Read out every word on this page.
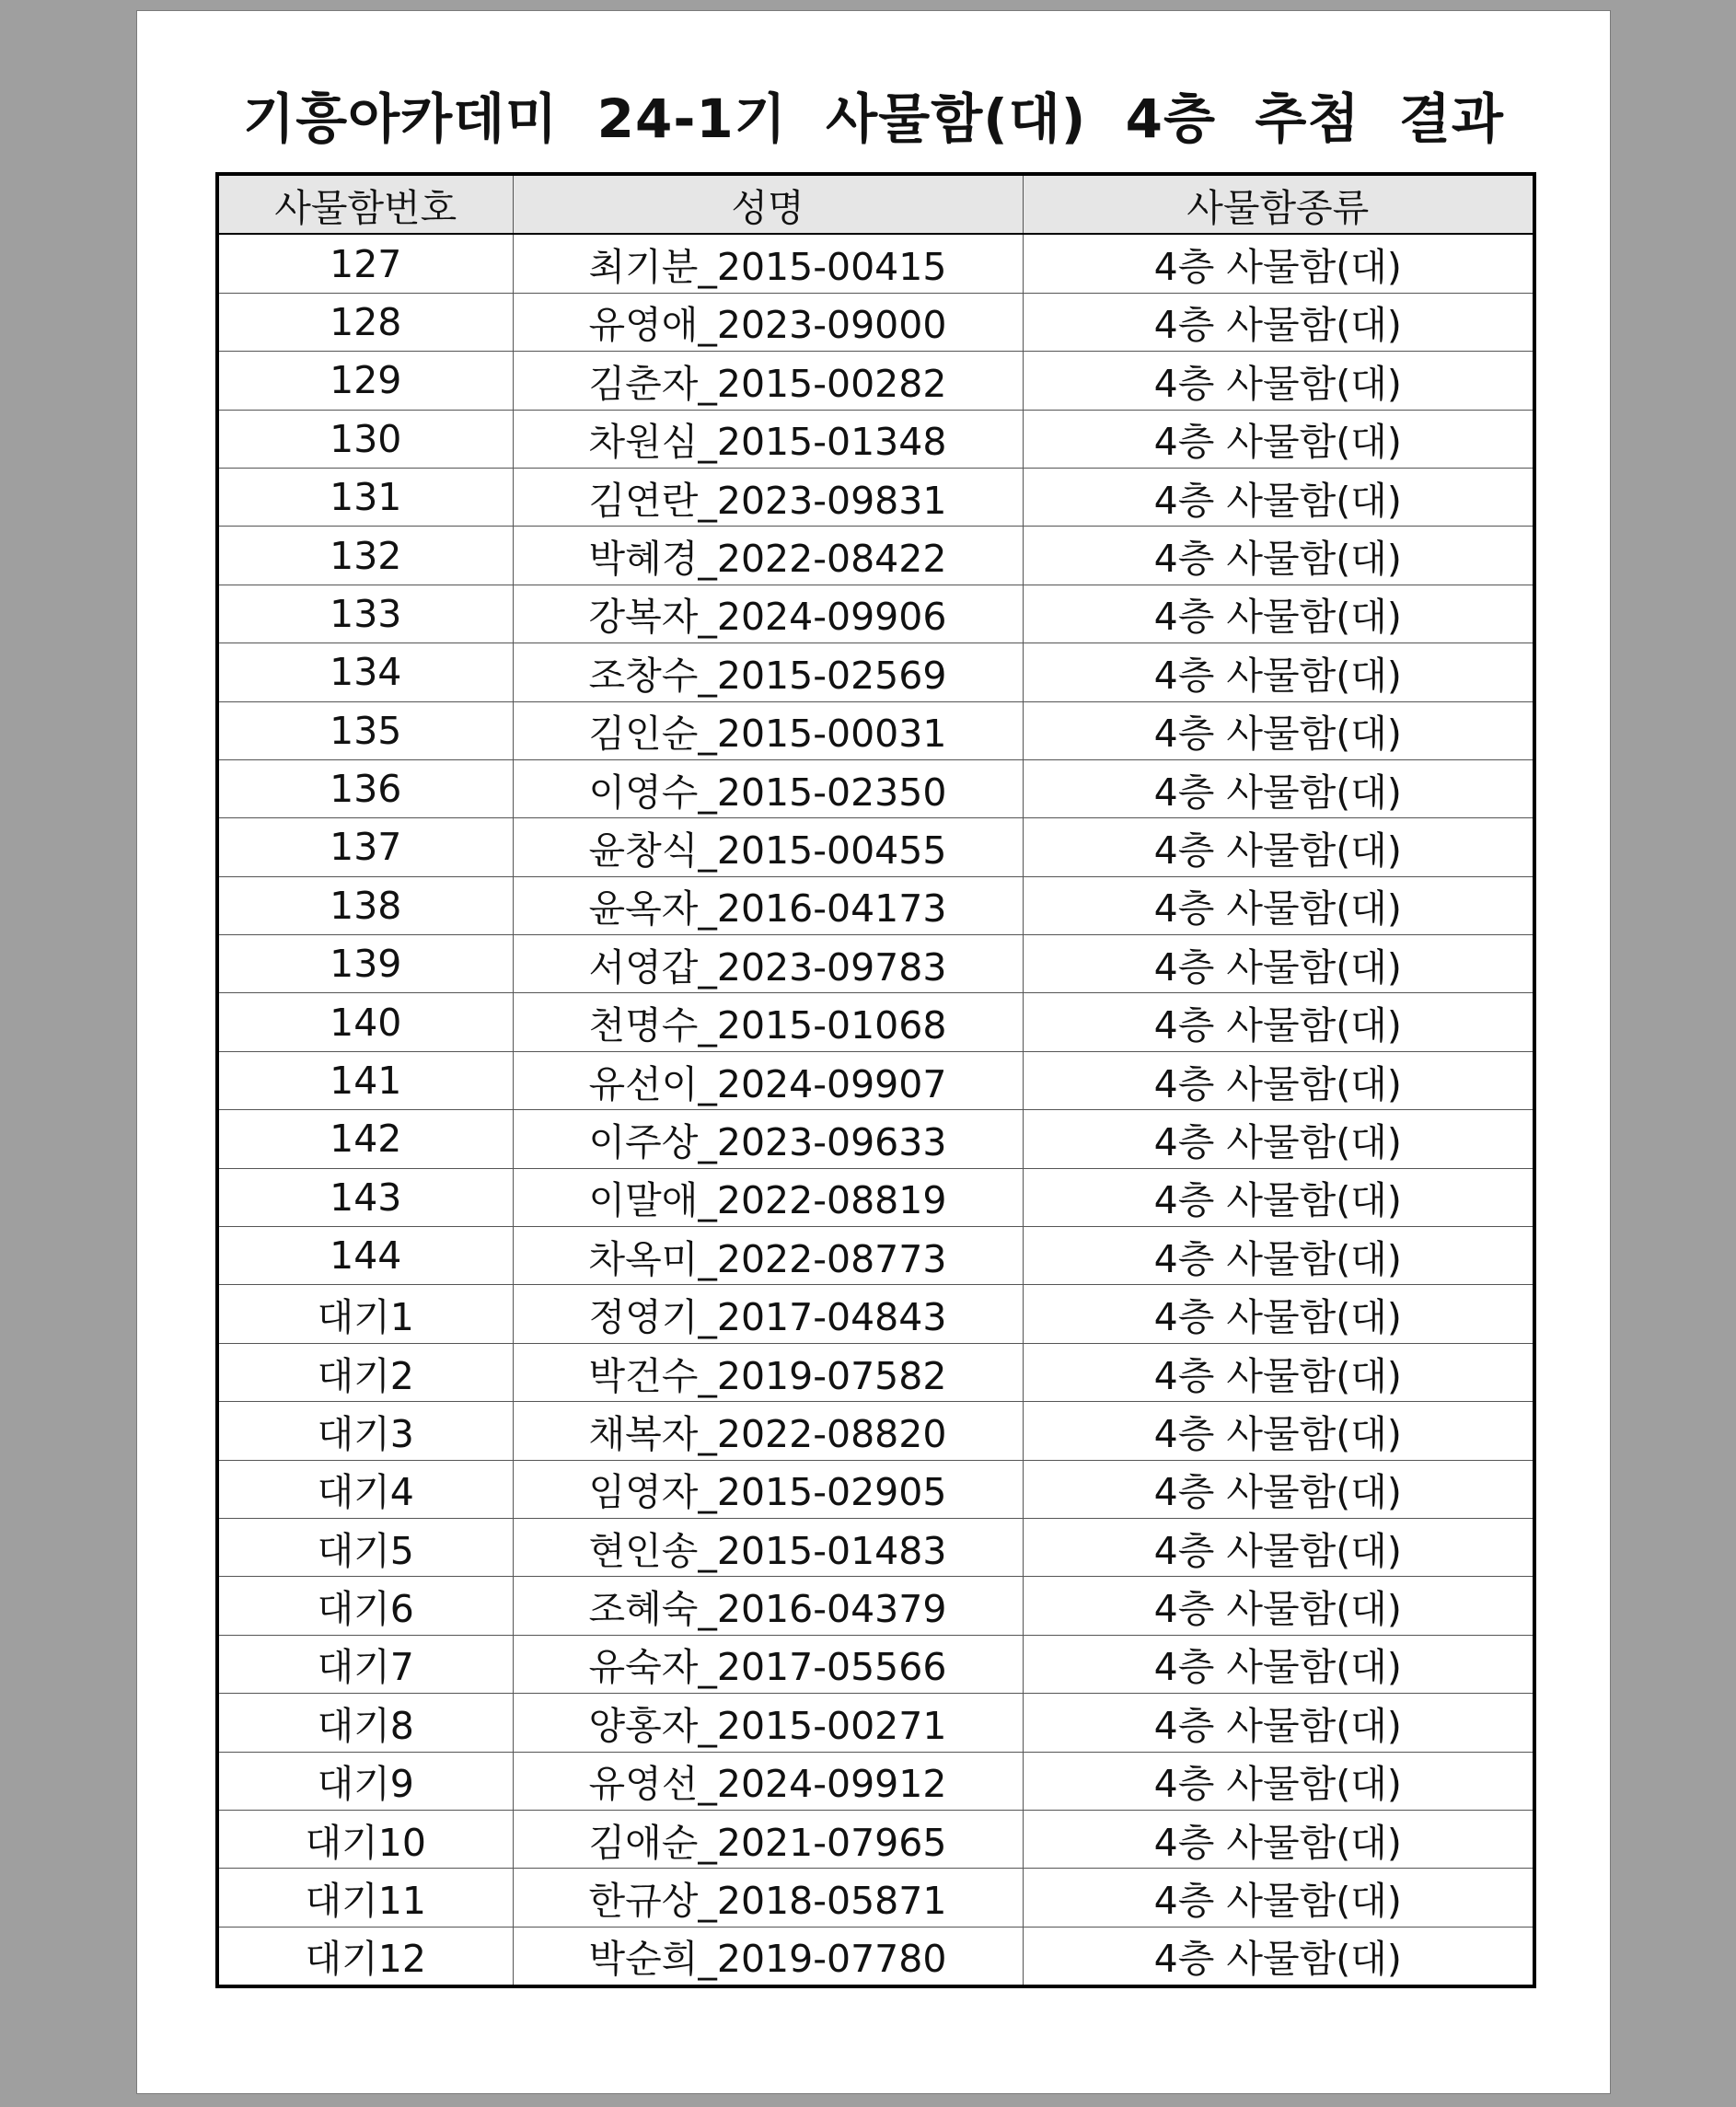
기흥아카데미  24-1기  사물함(대)  4층  추첨  결과
사물함번호	성명	사물함종류
127	최기분_2015-00415	4층 사물함(대)
128	유영애_2023-09000	4층 사물함(대)
129	김춘자_2015-00282	4층 사물함(대)
130	차원심_2015-01348	4층 사물함(대)
131	김연란_2023-09831	4층 사물함(대)
132	박혜경_2022-08422	4층 사물함(대)
133	강복자_2024-09906	4층 사물함(대)
134	조창수_2015-02569	4층 사물함(대)
135	김인순_2015-00031	4층 사물함(대)
136	이영수_2015-02350	4층 사물함(대)
137	윤창식_2015-00455	4층 사물함(대)
138	윤옥자_2016-04173	4층 사물함(대)
139	서영갑_2023-09783	4층 사물함(대)
140	천명수_2015-01068	4층 사물함(대)
141	유선이_2024-09907	4층 사물함(대)
142	이주상_2023-09633	4층 사물함(대)
143	이말애_2022-08819	4층 사물함(대)
144	차옥미_2022-08773	4층 사물함(대)
대기1	정영기_2017-04843	4층 사물함(대)
대기2	박건수_2019-07582	4층 사물함(대)
대기3	채복자_2022-08820	4층 사물함(대)
대기4	임영자_2015-02905	4층 사물함(대)
대기5	현인송_2015-01483	4층 사물함(대)
대기6	조혜숙_2016-04379	4층 사물함(대)
대기7	유숙자_2017-05566	4층 사물함(대)
대기8	양홍자_2015-00271	4층 사물함(대)
대기9	유영선_2024-09912	4층 사물함(대)
대기10	김애순_2021-07965	4층 사물함(대)
대기11	한규상_2018-05871	4층 사물함(대)
대기12	박순희_2019-07780	4층 사물함(대)
